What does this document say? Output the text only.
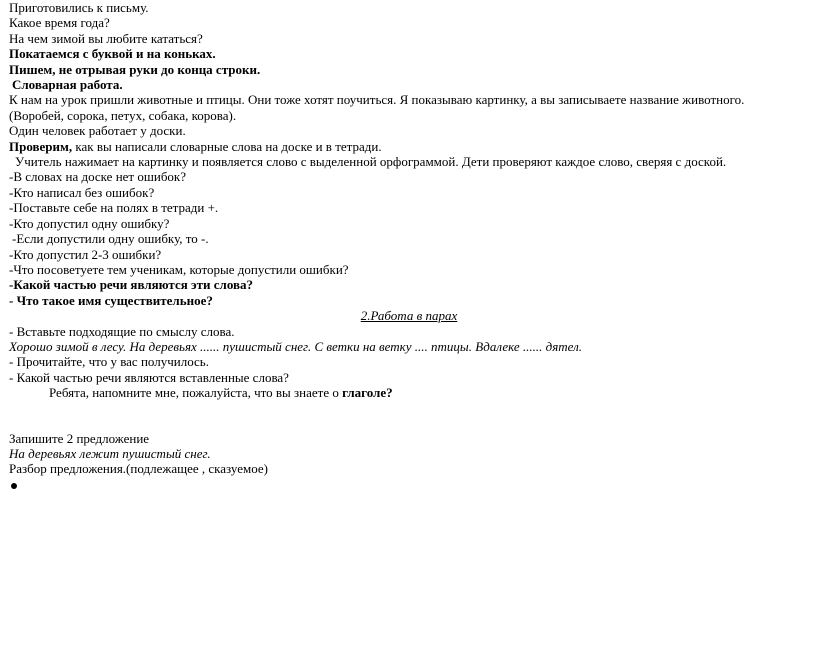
Приготовились к письму.

Какое время года?

На чем зимой вы любите кататься?

Покатаемся с буквой и на коньках.

Пишем, не отрывая руки до конца строки.

Словарная работа.

К нам на урок пришли животные и птицы. Они тоже хотят поучиться. Я показываю картинку, а вы записываете название животного.

(Воробей, сорока, петух, собака, корова).

Один человек работает у доски.

Проверим, как вы написали словарные слова на доске и в тетради.

Учитель нажимает на картинку и появляется слово с выделенной орфограммой. Дети проверяют каждое слово, сверяя с доской.

-В словах на доске нет ошибок?

-Кто написал без ошибок?

-Поставьте себе на полях в тетради +.

-Кто допустил одну ошибку?

-Если допустили одну ошибку, то -.

-Кто допустил 2-3 ошибки?

-Что посоветуете тем ученикам, которые допустили ошибки?

-Какой частью речи являются эти слова?

- Что такое имя существительное?

2.Работа в парах

- Вставьте подходящие по смыслу слова.

Хорошо зимой в лесу. На деревьях ...... пушистый снег. С ветки на ветку .... птицы. Вдалеке ...... дятел.

- Прочитайте, что у вас получилось.

- Какой частью речи являются вставленные слова?

Ребята, напомните мне, пожалуйста, что вы знаете о глаголе?

Запишите 2 предложение

На деревьях лежит пушистый снег.

Разбор предложения.(подлежащее , сказуемое)
